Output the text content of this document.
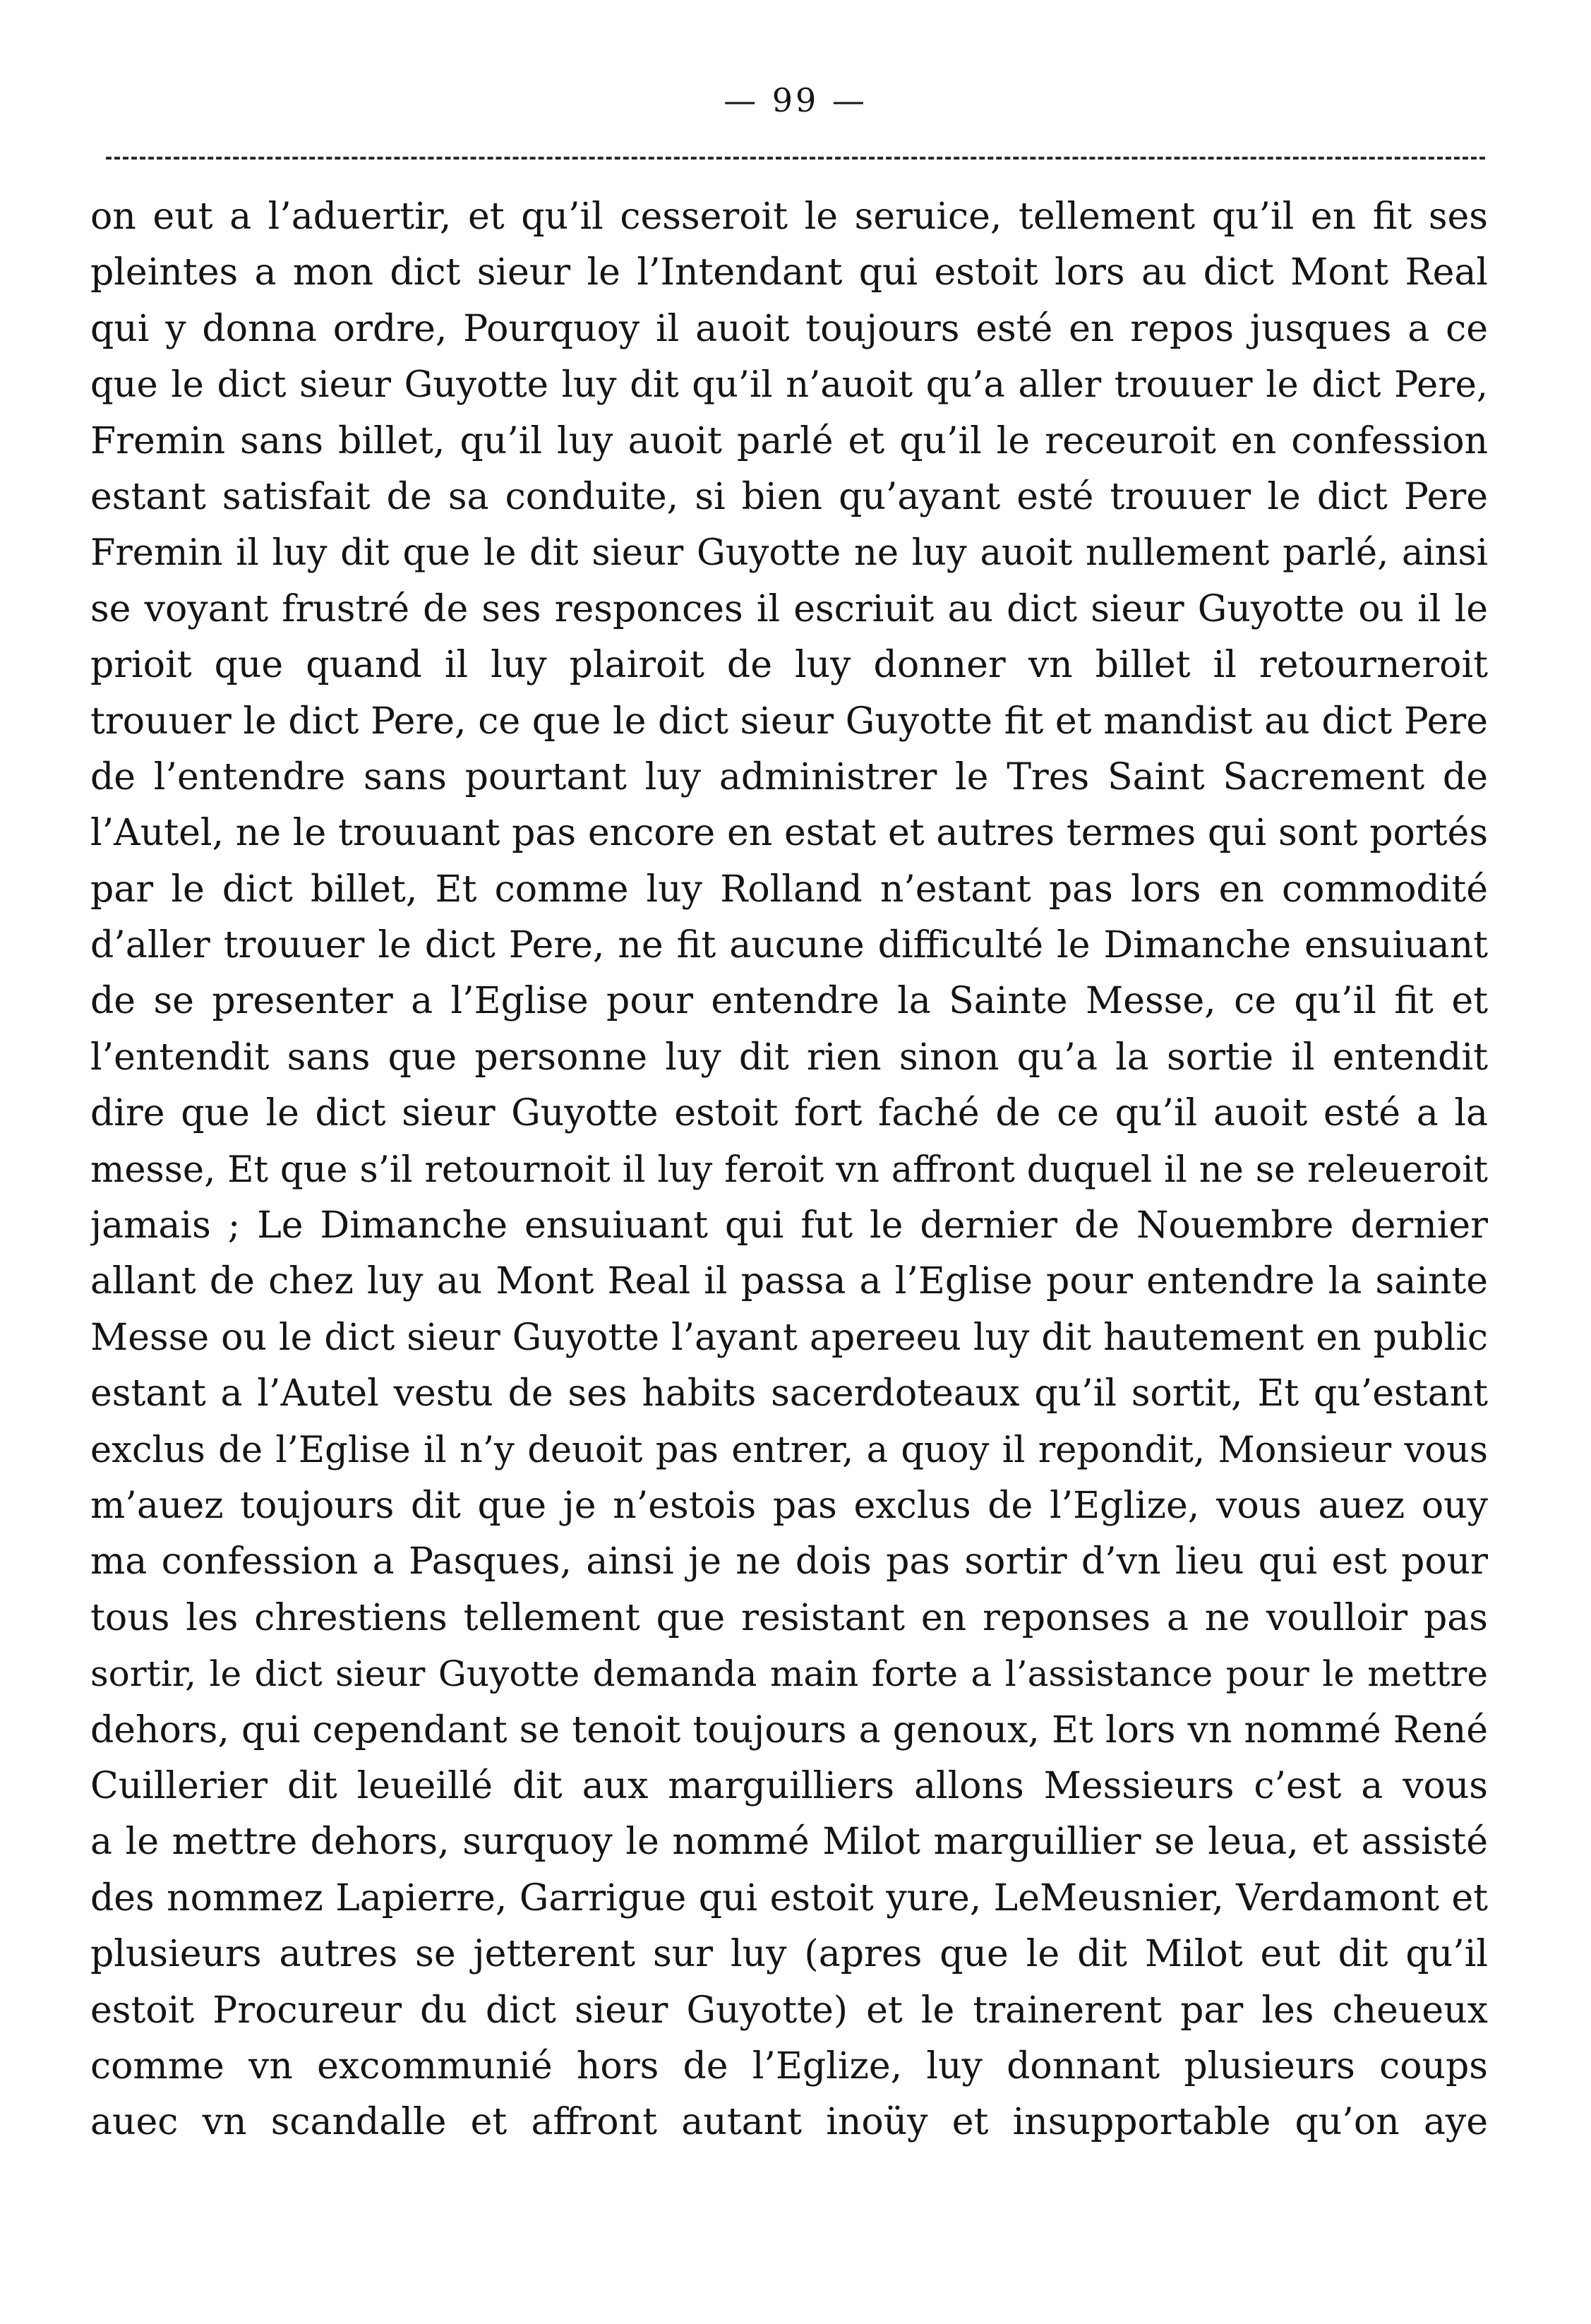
— 99 —
on eut a l’aduertir, et qu’il cesseroit le seruice, tellement qu’il en fit ses
pleintes a mon dict sieur le l’Intendant qui estoit lors au dict Mont Real
qui y donna ordre, Pourquoy il auoit toujours esté en repos jusques a ce
que le dict sieur Guyotte luy dit qu’il n’auoit qu’a aller trouuer le dict Pere,
Fremin sans billet, qu’il luy auoit parlé et qu’il le receuroit en confession
estant satisfait de sa conduite, si bien qu’ayant esté trouuer le dict Pere
Fremin il luy dit que le dit sieur Guyotte ne luy auoit nullement parlé, ainsi
se voyant frustré de ses responces il escriuit au dict sieur Guyotte ou il le
prioit que quand il luy plairoit de luy donner vn billet il retourneroit
trouuer le dict Pere, ce que le dict sieur Guyotte fit et mandist au dict Pere
de l’entendre sans pourtant luy administrer le Tres Saint Sacrement de
l’Autel, ne le trouuant pas encore en estat et autres termes qui sont portés
par le dict billet, Et comme luy Rolland n’estant pas lors en commodité
d’aller trouuer le dict Pere, ne fit aucune difficulté le Dimanche ensuiuant
de se presenter a l’Eglise pour entendre la Sainte Messe, ce qu’il fit et
l’entendit sans que personne luy dit rien sinon qu’a la sortie il entendit
dire que le dict sieur Guyotte estoit fort faché de ce qu’il auoit esté a la
messe, Et que s’il retournoit il luy feroit vn affront duquel il ne se releueroit
jamais ; Le Dimanche ensuiuant qui fut le dernier de Nouembre dernier
allant de chez luy au Mont Real il passa a l’Eglise pour entendre la sainte
Messe ou le dict sieur Guyotte l’ayant apereeu luy dit hautement en public
estant a l’Autel vestu de ses habits sacerdoteaux qu’il sortit, Et qu’estant
exclus de l’Eglise il n’y deuoit pas entrer, a quoy il repondit, Monsieur vous
m’auez toujours dit que je n’estois pas exclus de l’Eglize, vous auez ouy
ma confession a Pasques, ainsi je ne dois pas sortir d’vn lieu qui est pour
tous les chrestiens tellement que resistant en reponses a ne voulloir pas
sortir, le dict sieur Guyotte demanda main forte a l’assistance pour le mettre
dehors, qui cependant se tenoit toujours a genoux, Et lors vn nommé René
Cuillerier dit leueillé dit aux marguilliers allons Messieurs c’est a vous
a le mettre dehors, surquoy le nommé Milot marguillier se leua, et assisté
des nommez Lapierre, Garrigue qui estoit yure, LeMeusnier, Verdamont et
plusieurs autres se jetterent sur luy (apres que le dit Milot eut dit qu’il
estoit Procureur du dict sieur Guyotte) et le trainerent par les cheueux
comme vn excommunié hors de l’Eglize, luy donnant plusieurs coups
auec vn scandalle et affront autant inoüy et insupportable qu’on aye
